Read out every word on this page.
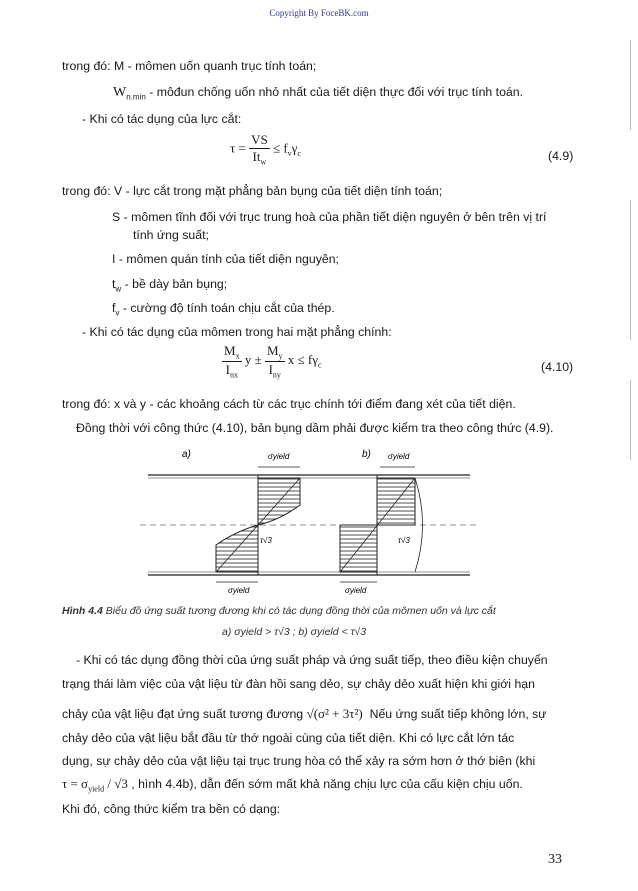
Copyright By FoceBK.com
trong đó: M - mômen uốn quanh trục tính toán;
$W_{n.min}$ - môđun chống uốn nhỏ nhất của tiết diện thực đối với trục tính toán.
- Khi có tác dụng của lực cắt:
$\tau = \frac{VS}{It_w} \le f_v\gamma_c$	(4.9)
trong đó: V - lực cắt trong mặt phẳng bản bụng của tiết diện tính toán;
S - mômen tĩnh đối với trục trung hoà của phần tiết diện nguyên ở bên trên vị trí
tính ứng suất;
I - mômen quán tính của tiết diện nguyên;
$t_w$ - bề dày bản bụng;
$f_v$ - cường độ tính toán chịu cắt của thép.
- Khi có tác dụng của mômen trong hai mặt phẳng chính:
$\frac{M_x}{I_{nx}}$ $y \pm \frac{M_y}{I_{ny}}$ $x \le f\gamma_c$	(4.10)
trong đó: x và y - các khoảng cách từ các trục chính tới điểm đang xét của tiết diện.
Đồng thời với công thức (4.10), bản bụng dầm phải được kiểm tra theo công thức (4.9).
a)	b)
σyield	σyield
τ√3	τ√3
σyield	σyield
Hình 4.4 Biểu đồ ứng suất tương đương khi có tác dụng đồng thời của mômen uốn và lực cắt
a) σyield > τ√3 ; b) σyield < τ√3
- Khi có tác dụng đồng thời của ứng suất pháp và ứng suất tiếp, theo điều kiện chuyển
trạng thái làm việc của vật liệu từ đàn hồi sang dẻo, sự chảy dẻo xuất hiện khi giới hạn
chảy của vật liệu đạt ứng suất tương đương √(σ² + 3τ²) Nếu ứng suất tiếp không lớn, sự
chảy dẻo của vật liệu bắt đầu từ thớ ngoài cùng của tiết diện. Khi có lực cắt lớn tác
dụng, sự chảy dẻo của vật liệu tại trục trung hòa có thể xảy ra sớm hơn ở thớ biên (khi
$\tau = \sigma_{yield} / √3$ , hình 4.4b), dẫn đến sớm mất khả năng chịu lực của cấu kiện chịu uốn.
Khi đó, công thức kiểm tra bền có dạng:
33
